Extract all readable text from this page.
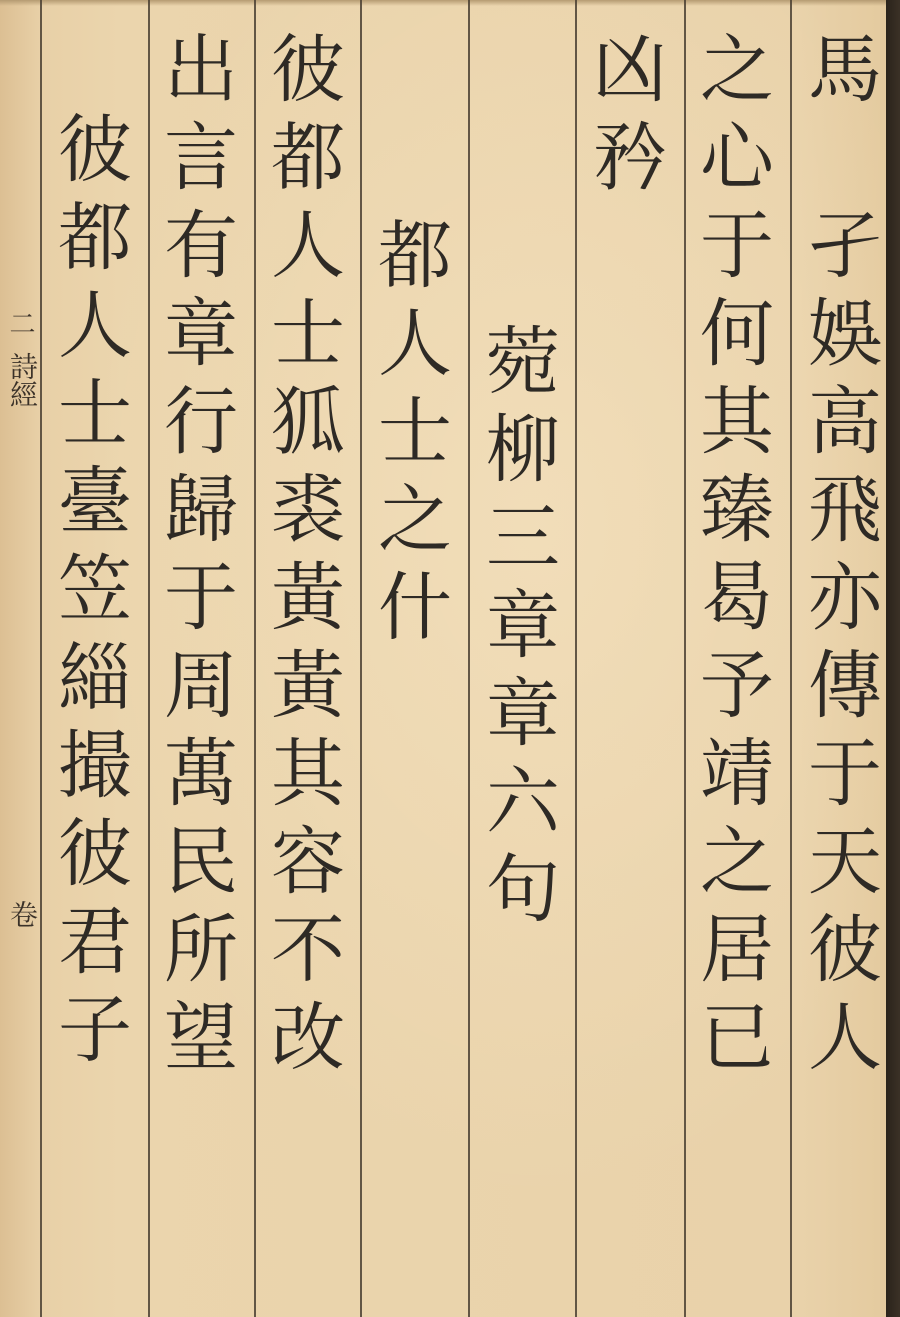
馬　孑娛高飛亦傳于天彼人
之心于何其臻曷予靖之居已
凶矜
菀柳三章章六句
都人士之什
彼都人士狐裘黃黃其容不改
出言有章行歸于周萬民所望
彼都人士臺笠緇撮彼君子
二
詩經
卷
